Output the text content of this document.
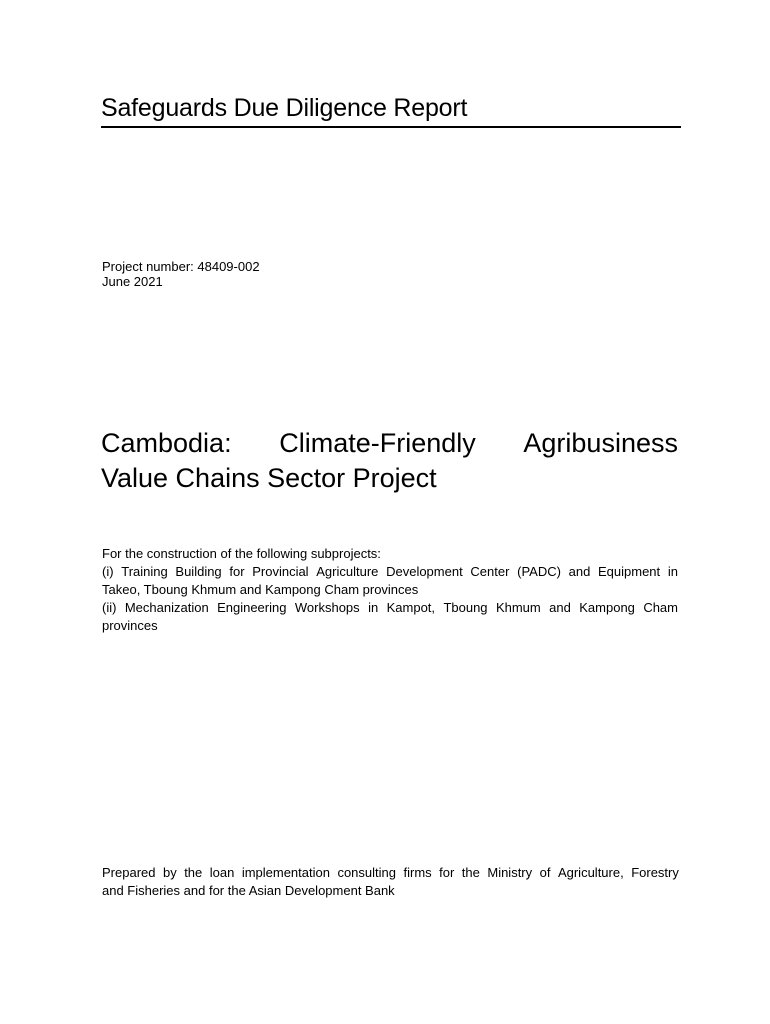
Safeguards Due Diligence Report
Project number: 48409-002
June 2021
Cambodia: Climate-Friendly Agribusiness
Value Chains Sector Project
For the construction of the following subprojects:
(i) Training Building for Provincial Agriculture Development Center (PADC) and Equipment in
Takeo, Tboung Khmum and Kampong Cham provinces
(ii) Mechanization Engineering Workshops in Kampot, Tboung Khmum and Kampong Cham
provinces
Prepared by the loan implementation consulting firms for the Ministry of Agriculture, Forestry
and Fisheries and for the Asian Development Bank
